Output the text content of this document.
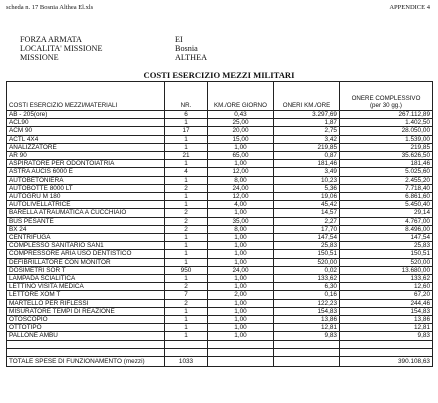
scheda n. 17 Bosnia Althea El.xls	APPENDICE 4
FORZA ARMATA	EI
LOCALITA' MISSIONE	Bosnia
MISSIONE	ALTHEA
COSTI ESERCIZIO MEZZI MILITARI
COSTI ESERCIZIO MEZZI/MATERIALI	NR.	KM./ORE GIORNO	ONERI KM./ORE	ONERE COMPLESSIVO
(per 30 gg.)
AB - 205(ore)	6	0,43	3.297,69	267.112,89
ACL90	1	25,00	1,87	1.402,50
ACM 90	17	20,00	2,75	28.050,00
ACTL 4X4	1	15,00	3,42	1.539,00
ANALIZZATORE	1	1,00	219,85	219,85
AR 90	21	65,00	0,87	35.626,50
ASPIRATORE PER ODONTOIATRIA	1	1,00	181,46	181,46
ASTRA AUCIS 6000 E	4	12,00	3,49	5.025,60
AUTOBETONIERA	1	8,00	10,23	2.455,20
AUTOBOTTE 8000 LT	2	24,00	5,36	7.718,40
AUTOGRU M 180	1	12,00	19,06	6.861,60
AUTOLIVELLATRICE	1	4,00	45,42	5.450,40
BARELLA ATRAUMATICA A CUCCHIAIO	2	1,00	14,57	29,14
BUS PESANTE	2	35,00	2,27	4.767,00
BX 24	2	8,00	17,70	8.496,00
CENTRIFUGA	1	1,00	147,54	147,54
COMPLESSO SANITARIO SAN1	1	1,00	25,83	25,83
COMPRESSORE ARIA USO DENTISTICO	1	1,00	150,51	150,51
DEFIBRILLATORE CON MONITOR	1	1,00	520,00	520,00
DOSIMETRI SOR T	950	24,00	0,02	13.680,00
LAMPADA SCIALITICA	1	1,00	133,62	133,62
LETTINO VISITA MEDICA	2	1,00	6,30	12,60
LETTORE XOM T	7	2,00	0,16	67,20
MARTELLO PER RIFLESSI	2	1,00	122,23	244,46
MISURATORE TEMPI DI REAZIONE	1	1,00	154,83	154,83
OTOSCOPIO	1	1,00	13,86	13,86
OTTOTIPO	1	1,00	12,81	12,81
PALLONE AMBU	1	1,00	9,83	9,83

TOTALE SPESE DI FUNZIONAMENTO (mezzi)	1033			390.108,63
